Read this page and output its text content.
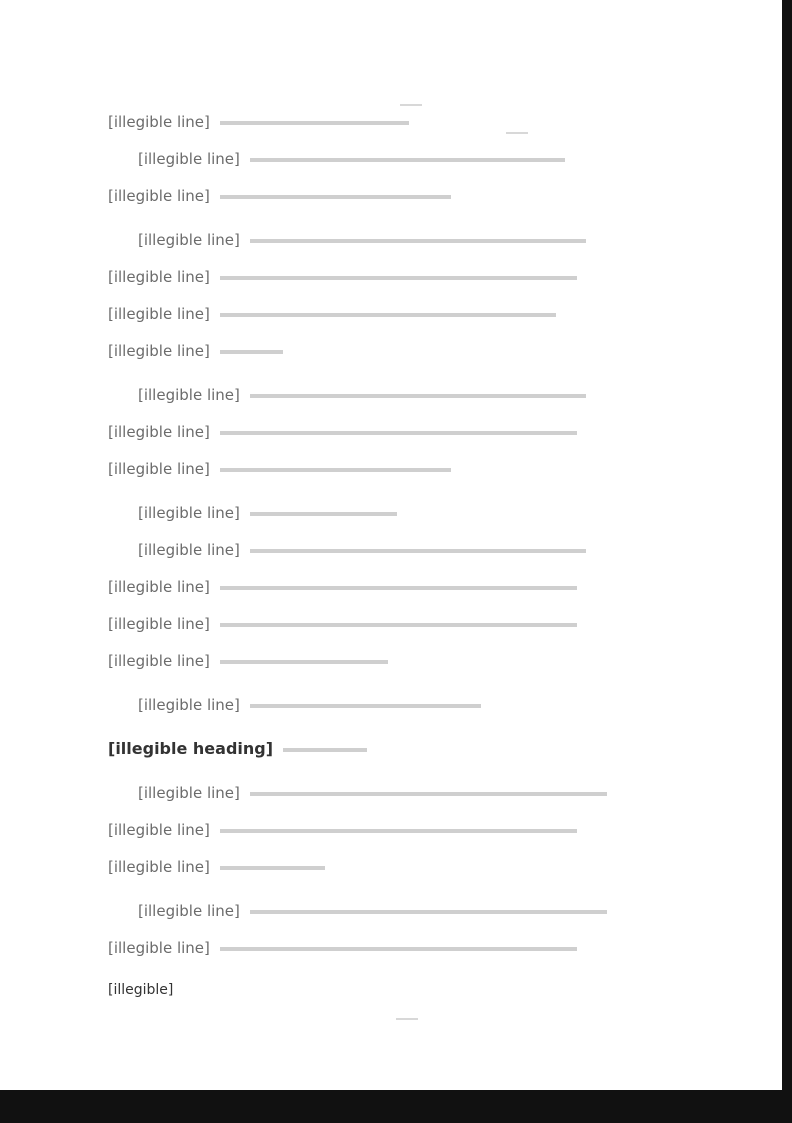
[illegible line]
[illegible line]
[illegible line]
[illegible line]
[illegible line]
[illegible line]
[illegible line]
[illegible line]
[illegible line]
[illegible line]
[illegible line]
[illegible line]
[illegible line]
[illegible line]
[illegible line]
[illegible line]
[illegible heading]
[illegible line]
[illegible line]
[illegible line]
[illegible line]
[illegible line]
[illegible]
